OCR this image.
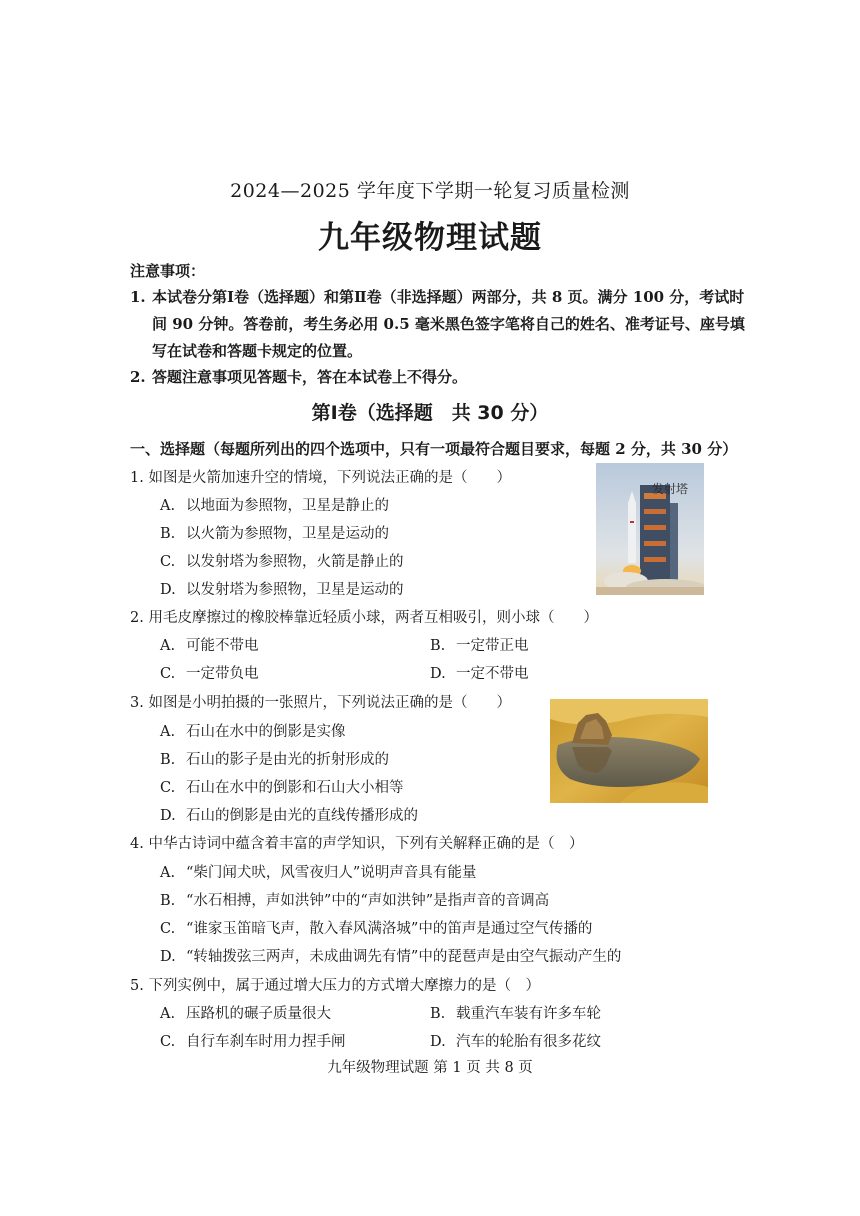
2024—2025 学年度下学期一轮复习质量检测
九年级物理试题
注意事项：
1. 本试卷分第Ⅰ卷（选择题）和第Ⅱ卷（非选择题）两部分，共 8 页。满分 100 分，考试时间 90 分钟。答卷前，考生务必用 0.5 毫米黑色签字笔将自己的姓名、准考证号、座号填写在试卷和答题卡规定的位置。
2. 答题注意事项见答题卡，答在本试卷上不得分。
第Ⅰ卷（选择题　共 30 分）
一、选择题（每题所列出的四个选项中，只有一项最符合题目要求，每题 2 分，共 30 分）
1. 如图是火箭加速升空的情境，下列说法正确的是（　　）
A. 以地面为参照物，卫星是静止的
B. 以火箭为参照物，卫星是运动的
C. 以发射塔为参照物，火箭是静止的
D. 以发射塔为参照物，卫星是运动的
发射塔
2. 用毛皮摩擦过的橡胶棒靠近轻质小球，两者互相吸引，则小球（　　）
A. 可能不带电	B. 一定带正电
C. 一定带负电	D. 一定不带电
3. 如图是小明拍摄的一张照片，下列说法正确的是（　　）
A. 石山在水中的倒影是实像
B. 石山的影子是由光的折射形成的
C. 石山在水中的倒影和石山大小相等
D. 石山的倒影是由光的直线传播形成的
4. 中华古诗词中蕴含着丰富的声学知识，下列有关解释正确的是（　）
A. “柴门闻犬吠，风雪夜归人”说明声音具有能量
B. “水石相搏，声如洪钟”中的“声如洪钟”是指声音的音调高
C. “谁家玉笛暗飞声，散入春风满洛城”中的笛声是通过空气传播的
D. “转轴拨弦三两声，未成曲调先有情”中的琵琶声是由空气振动产生的
5. 下列实例中，属于通过增大压力的方式增大摩擦力的是（　）
A. 压路机的碾子质量很大	B. 载重汽车装有许多车轮
C. 自行车刹车时用力捏手闸	D. 汽车的轮胎有很多花纹
九年级物理试题 第 1 页 共 8 页
